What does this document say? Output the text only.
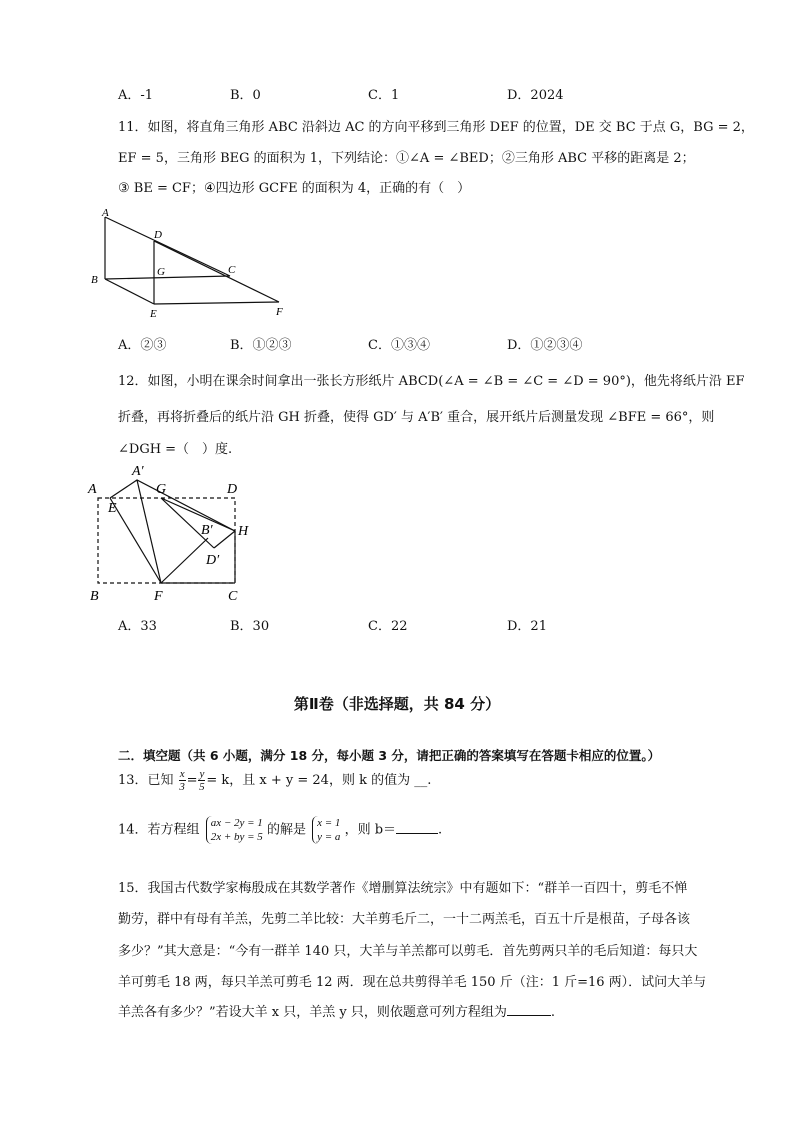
A．-1	B．0	C．1	D．2024
11．如图，将直角三角形 ABC 沿斜边 AC 的方向平移到三角形 DEF 的位置，DE 交 BC 于点 G，BG = 2，
EF = 5，三角形 BEG 的面积为 1，下列结论：①∠A = ∠BED；②三角形 ABC 平移的距离是 2；
③ BE = CF；④四边形 GCFE 的面积为 4，正确的有（　）
A
D
B
G	C
E	F
A．②③	B．①②③	C．①③④	D．①②③④
12．如图，小明在课余时间拿出一张长方形纸片 ABCD(∠A = ∠B = ∠C = ∠D = 90°)，他先将纸片沿 EF
折叠，再将折叠后的纸片沿 GH 折叠，使得 GD′ 与 A′B′ 重合，展开纸片后测量发现 ∠BFE = 66°，则
∠DGH =（　）度.
A′
A	G	D
E
B′ H
D′
B	F	C
A．33	B．30	C．22	D．21
第Ⅱ卷（非选择题，共 84 分）
二．填空题（共 6 小题，满分 18 分，每小题 3 分，请把正确的答案填写在答题卡相应的位置。）
13．已知 $\frac{x}{3} = \frac{y}{5} = k$，且 x + y = 24，则 k 的值为 __.
14．若方程组 ax − 2y = 1
2x + by = 5 的解是 x = 1
y = a ，则 b＝	.
15．我国古代数学家梅殷成在其数学著作《增删算法统宗》中有题如下：“群羊一百四十，剪毛不惮
勤劳，群中有母有羊羔，先剪二羊比较：大羊剪毛斤二，一十二两羔毛，百五十斤是根苗，子母各该
多少？”其大意是：“今有一群羊 140 只，大羊与羊羔都可以剪毛．首先剪两只羊的毛后知道：每只大
羊可剪毛 18 两，每只羊羔可剪毛 12 两．现在总共剪得羊毛 150 斤（注：1 斤=16 两）．试问大羊与
羊羔各有多少？”若设大羊 x 只，羊羔 y 只，则依题意可列方程组为	.
